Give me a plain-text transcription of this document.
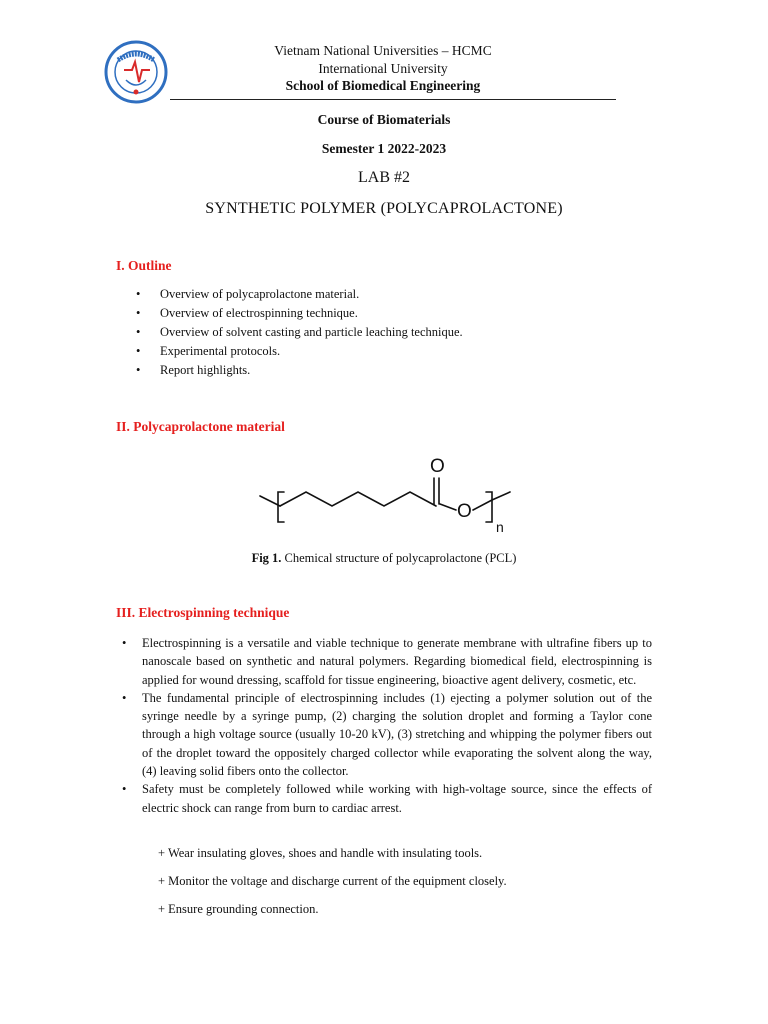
Vietnam National Universities – HCMC
International University
School of Biomedical Engineering
Course of Biomaterials
Semester 1 2022-2023
LAB #2
SYNTHETIC POLYMER (POLYCAPROLACTONE)
I. Outline
• Overview of polycaprolactone material.
• Overview of electrospinning technique.
• Overview of solvent casting and particle leaching technique.
• Experimental protocols.
• Report highlights.
II. Polycaprolactone material
O
O
n
Fig 1. Chemical structure of polycaprolactone (PCL)
III. Electrospinning technique
• Electrospinning is a versatile and viable technique to generate membrane with ultrafine fibers up to nanoscale based on synthetic and natural polymers. Regarding biomedical field, electrospinning is applied for wound dressing, scaffold for tissue engineering, bioactive agent delivery, cosmetic, etc.
• The fundamental principle of electrospinning includes (1) ejecting a polymer solution out of the syringe needle by a syringe pump, (2) charging the solution droplet and forming a Taylor cone through a high voltage source (usually 10-20 kV), (3) stretching and whipping the polymer fibers out of the droplet toward the oppositely charged collector while evaporating the solvent along the way, (4) leaving solid fibers onto the collector.
• Safety must be completely followed while working with high-voltage source, since the effects of electric shock can range from burn to cardiac arrest.
+ Wear insulating gloves, shoes and handle with insulating tools.
+ Monitor the voltage and discharge current of the equipment closely.
+ Ensure grounding connection.
